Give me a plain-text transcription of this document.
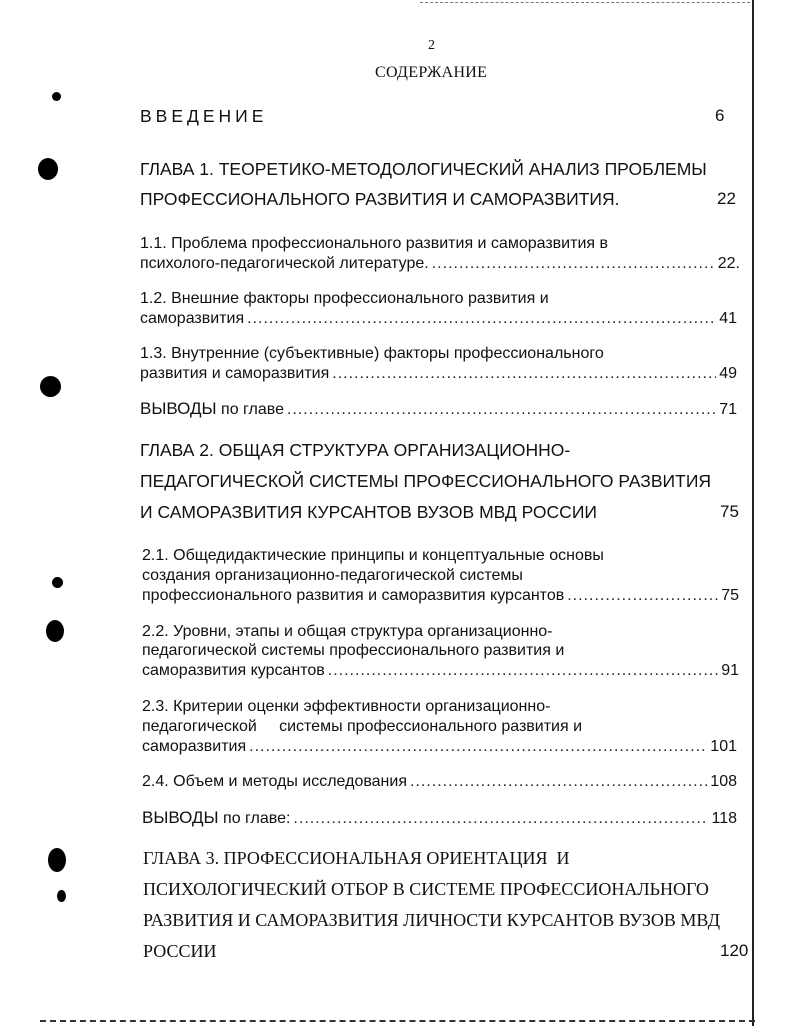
2
СОДЕРЖАНИЕ
ВВЕДЕНИЕ	6
ГЛАВА 1. ТЕОРЕТИКО-МЕТОДОЛОГИЧЕСКИЙ АНАЛИЗ ПРОБЛЕМЫ
ПРОФЕССИОНАЛЬНОГО РАЗВИТИЯ И САМОРАЗВИТИЯ.	22
1.1. Проблема профессионального развития и саморазвития в
психолого-педагогической литературе. .....	22.
1.2. Внешние факторы профессионального развития и
саморазвития .....	41
1.3. Внутренние (субъективные) факторы профессионального
развития и саморазвития .....	49
ВЫВОДЫ по главе .....	71
ГЛАВА 2. ОБЩАЯ СТРУКТУРА ОРГАНИЗАЦИОННО-
ПЕДАГОГИЧЕСКОЙ СИСТЕМЫ ПРОФЕССИОНАЛЬНОГО РАЗВИТИЯ
И САМОРАЗВИТИЯ КУРСАНТОВ ВУЗОВ МВД РОССИИ	75
2.1. Общедидактические принципы и концептуальные основы
создания организационно-педагогической системы
профессионального развития и саморазвития курсантов .....	75
2.2. Уровни, этапы и общая структура организационно-
педагогической системы профессионального развития и
саморазвития курсантов .....	91
2.3. Критерии оценки эффективности организационно-
педагогической     системы профессионального развития и
саморазвития .....	101
2.4. Объем и методы исследования .....	108
ВЫВОДЫ по главе: .....	118
ГЛАВА 3. ПРОФЕССИОНАЛЬНАЯ ОРИЕНТАЦИЯ  И
ПСИХОЛОГИЧЕСКИЙ ОТБОР В СИСТЕМЕ ПРОФЕССИОНАЛЬНОГО
РАЗВИТИЯ И САМОРАЗВИТИЯ ЛИЧНОСТИ КУРСАНТОВ ВУЗОВ МВД
РОССИИ	120
